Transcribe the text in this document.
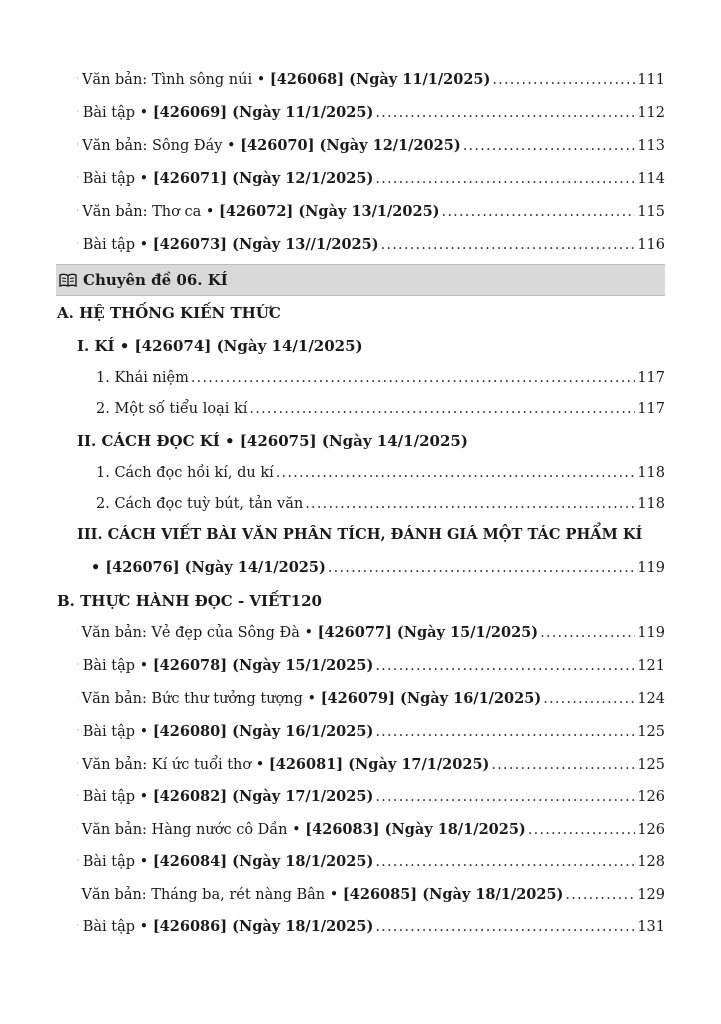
Văn bản: Tình sông núi • [426068] (Ngày 11/1/2025) .....	111
Bài tập • [426069] (Ngày 11/1/2025) .....	112
Văn bản: Sông Đáy • [426070] (Ngày 12/1/2025) .....	113
Bài tập • [426071] (Ngày 12/1/2025) .....	114
Văn bản: Thơ ca • [426072] (Ngày 13/1/2025) .....	115
Bài tập • [426073] (Ngày 13//1/2025) .....	116
Chuyên đề 06. KÍ
A. HỆ THỐNG KIẾN THỨC
I. KÍ • [426074] (Ngày 14/1/2025)
1. Khái niệm .....	117
2. Một số tiểu loại kí .....	117
II. CÁCH ĐỌC KÍ • [426075] (Ngày 14/1/2025)
1. Cách đọc hồi kí, du kí .....	118
2. Cách đọc tuỳ bút, tản văn .....	118
III. CÁCH VIẾT BÀI VĂN PHÂN TÍCH, ĐÁNH GIÁ MỘT TÁC PHẨM KÍ
• [426076] (Ngày 14/1/2025) .....	119
B. THỰC HÀNH ĐỌC - VIẾT120
Văn bản: Vẻ đẹp của Sông Đà • [426077] (Ngày 15/1/2025) .....	119
Bài tập • [426078] (Ngày 15/1/2025) .....	121
Văn bản: Bức thư tưởng tượng • [426079] (Ngày 16/1/2025) .....	124
Bài tập • [426080] (Ngày 16/1/2025) .....	125
Văn bản: Kí ức tuổi thơ • [426081] (Ngày 17/1/2025) .....	125
Bài tập • [426082] (Ngày 17/1/2025) .....	126
Văn bản: Hàng nước cô Dần • [426083] (Ngày 18/1/2025) .....	126
Bài tập • [426084] (Ngày 18/1/2025) .....	128
Văn bản: Tháng ba, rét nàng Bân • [426085] (Ngày 18/1/2025) .....	129
Bài tập • [426086] (Ngày 18/1/2025) .....	131
